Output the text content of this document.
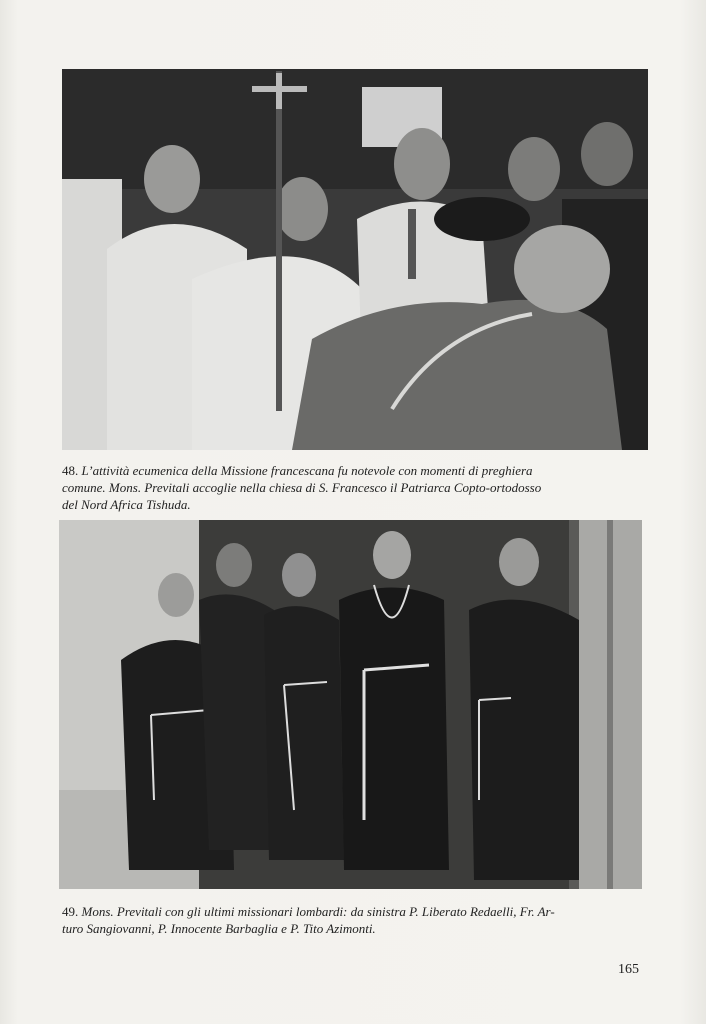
48. L’attività ecumenica della Missione francescana fu notevole con momenti di preghiera

comune. Mons. Previtali accoglie nella chiesa di S. Francesco il Patriarca Copto-ortodosso

del Nord Africa Tishuda.

49. Mons. Previtali con gli ultimi missionari lombardi: da sinistra P. Liberato Redaelli, Fr. Ar-

turo Sangiovanni, P. Innocente Barbaglia e P. Tito Azimonti.

165
